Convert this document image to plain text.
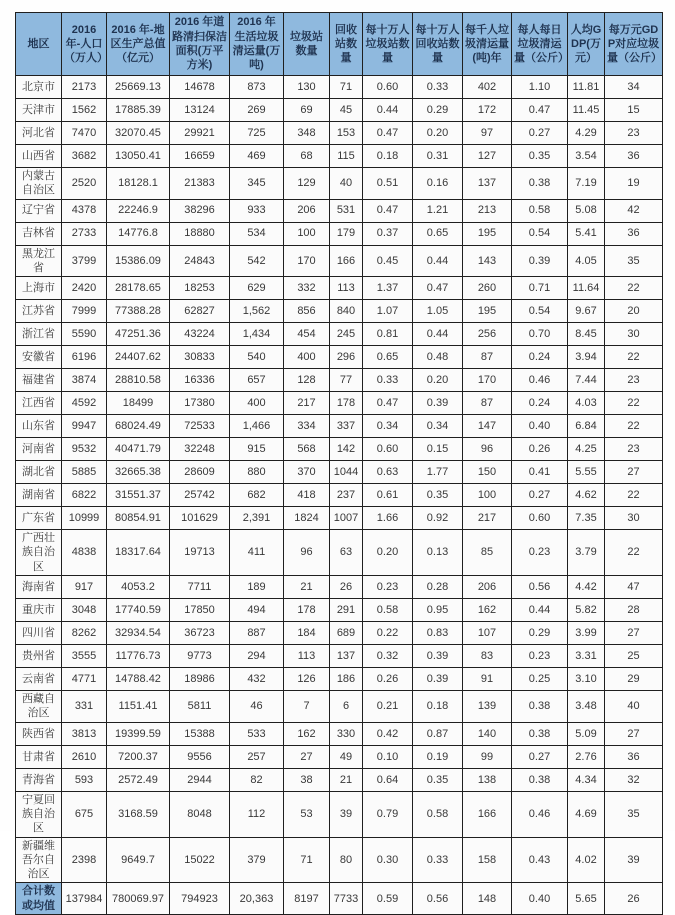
地区	2016 年-人口（万人）	2016 年-地区生产总值（亿元）	2016 年道路清扫保洁面积(万平方米)	2016 年生活垃圾清运量(万吨)	垃圾站数量	回收站数量	每十万人垃圾站数量	每十万人回收站数量	每千人垃圾清运量(吨)年	每人每日垃圾清运量（公斤）	人均GDP(万元）	每万元GDP对应垃圾量（公斤）
北京市	2173	25669.13	14678	873	130	71	0.60	0.33	402	1.10	11.81	34
天津市	1562	17885.39	13124	269	69	45	0.44	0.29	172	0.47	11.45	15
河北省	7470	32070.45	29921	725	348	153	0.47	0.20	97	0.27	4.29	23
山西省	3682	13050.41	16659	469	68	115	0.18	0.31	127	0.35	3.54	36
内蒙古自治区	2520	18128.1	21383	345	129	40	0.51	0.16	137	0.38	7.19	19
辽宁省	4378	22246.9	38296	933	206	531	0.47	1.21	213	0.58	5.08	42
吉林省	2733	14776.8	18880	534	100	179	0.37	0.65	195	0.54	5.41	36
黑龙江省	3799	15386.09	24843	542	170	166	0.45	0.44	143	0.39	4.05	35
上海市	2420	28178.65	18253	629	332	113	1.37	0.47	260	0.71	11.64	22
江苏省	7999	77388.28	62827	1,562	856	840	1.07	1.05	195	0.54	9.67	20
浙江省	5590	47251.36	43224	1,434	454	245	0.81	0.44	256	0.70	8.45	30
安徽省	6196	24407.62	30833	540	400	296	0.65	0.48	87	0.24	3.94	22
福建省	3874	28810.58	16336	657	128	77	0.33	0.20	170	0.46	7.44	23
江西省	4592	18499	17380	400	217	178	0.47	0.39	87	0.24	4.03	22
山东省	9947	68024.49	72533	1,466	334	337	0.34	0.34	147	0.40	6.84	22
河南省	9532	40471.79	32248	915	568	142	0.60	0.15	96	0.26	4.25	23
湖北省	5885	32665.38	28609	880	370	1044	0.63	1.77	150	0.41	5.55	27
湖南省	6822	31551.37	25742	682	418	237	0.61	0.35	100	0.27	4.62	22
广东省	10999	80854.91	101629	2,391	1824	1007	1.66	0.92	217	0.60	7.35	30
广西壮族自治区	4838	18317.64	19713	411	96	63	0.20	0.13	85	0.23	3.79	22
海南省	917	4053.2	7711	189	21	26	0.23	0.28	206	0.56	4.42	47
重庆市	3048	17740.59	17850	494	178	291	0.58	0.95	162	0.44	5.82	28
四川省	8262	32934.54	36723	887	184	689	0.22	0.83	107	0.29	3.99	27
贵州省	3555	11776.73	9773	294	113	137	0.32	0.39	83	0.23	3.31	25
云南省	4771	14788.42	18986	432	126	186	0.26	0.39	91	0.25	3.10	29
西藏自治区	331	1151.41	5811	46	7	6	0.21	0.18	139	0.38	3.48	40
陕西省	3813	19399.59	15388	533	162	330	0.42	0.87	140	0.38	5.09	27
甘肃省	2610	7200.37	9556	257	27	49	0.10	0.19	99	0.27	2.76	36
青海省	593	2572.49	2944	82	38	21	0.64	0.35	138	0.38	4.34	32
宁夏回族自治区	675	3168.59	8048	112	53	39	0.79	0.58	166	0.46	4.69	35
新疆维吾尔自治区	2398	9649.7	15022	379	71	80	0.30	0.33	158	0.43	4.02	39
合计数或均值	137984	780069.97	794923	20,363	8197	7733	0.59	0.56	148	0.40	5.65	26
